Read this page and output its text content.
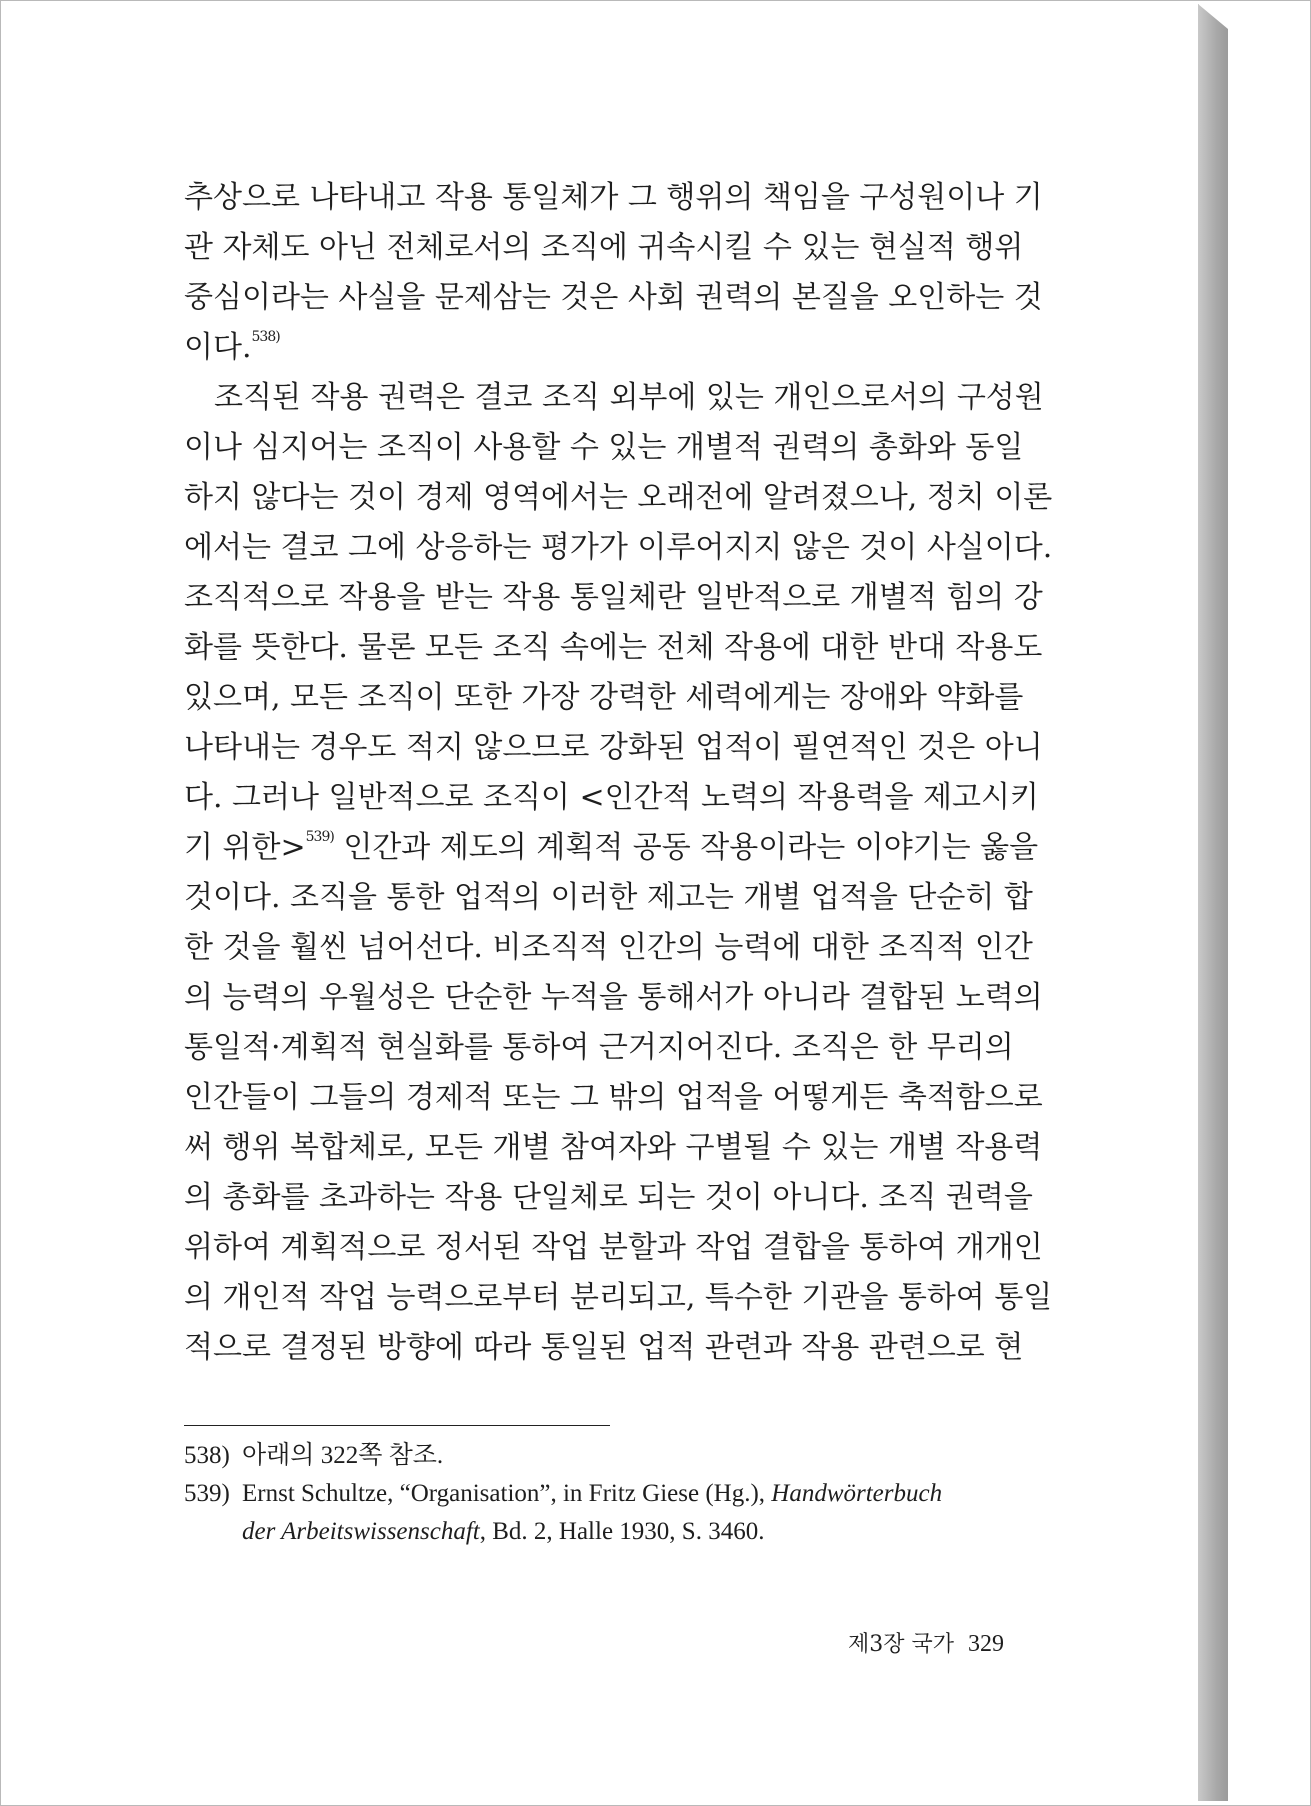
추상으로 나타내고 작용 통일체가 그 행위의 책임을 구성원이나 기
관 자체도 아닌 전체로서의 조직에 귀속시킬 수 있는 현실적 행위
중심이라는 사실을 문제삼는 것은 사회 권력의 본질을 오인하는 것
이다.$^{538)}$
조직된 작용 권력은 결코 조직 외부에 있는 개인으로서의 구성원
이나 심지어는 조직이 사용할 수 있는 개별적 권력의 총화와 동일
하지 않다는 것이 경제 영역에서는 오래전에 알려졌으나, 정치 이론
에서는 결코 그에 상응하는 평가가 이루어지지 않은 것이 사실이다.
조직적으로 작용을 받는 작용 통일체란 일반적으로 개별적 힘의 강
화를 뜻한다. 물론 모든 조직 속에는 전체 작용에 대한 반대 작용도
있으며, 모든 조직이 또한 가장 강력한 세력에게는 장애와 약화를
나타내는 경우도 적지 않으므로 강화된 업적이 필연적인 것은 아니
다. 그러나 일반적으로 조직이 <인간적 노력의 작용력을 제고시키
기 위한>$^{539)}$ 인간과 제도의 계획적 공동 작용이라는 이야기는 옳을
것이다. 조직을 통한 업적의 이러한 제고는 개별 업적을 단순히 합
한 것을 훨씬 넘어선다. 비조직적 인간의 능력에 대한 조직적 인간
의 능력의 우월성은 단순한 누적을 통해서가 아니라 결합된 노력의
통일적·계획적 현실화를 통하여 근거지어진다. 조직은 한 무리의
인간들이 그들의 경제적 또는 그 밖의 업적을 어떻게든 축적함으로
써 행위 복합체로, 모든 개별 참여자와 구별될 수 있는 개별 작용력
의 총화를 초과하는 작용 단일체로 되는 것이 아니다. 조직 권력을
위하여 계획적으로 정서된 작업 분할과 작업 결합을 통하여 개개인
의 개인적 작업 능력으로부터 분리되고, 특수한 기관을 통하여 통일
적으로 결정된 방향에 따라 통일된 업적 관련과 작용 관련으로 현
538) 아래의 322쪽 참조.
539) Ernst Schultze, “Organisation”, in Fritz Giese (Hg.), Handwörterbuch
der Arbeitswissenschaft, Bd. 2, Halle 1930, S. 3460.
제3장 국가 329
